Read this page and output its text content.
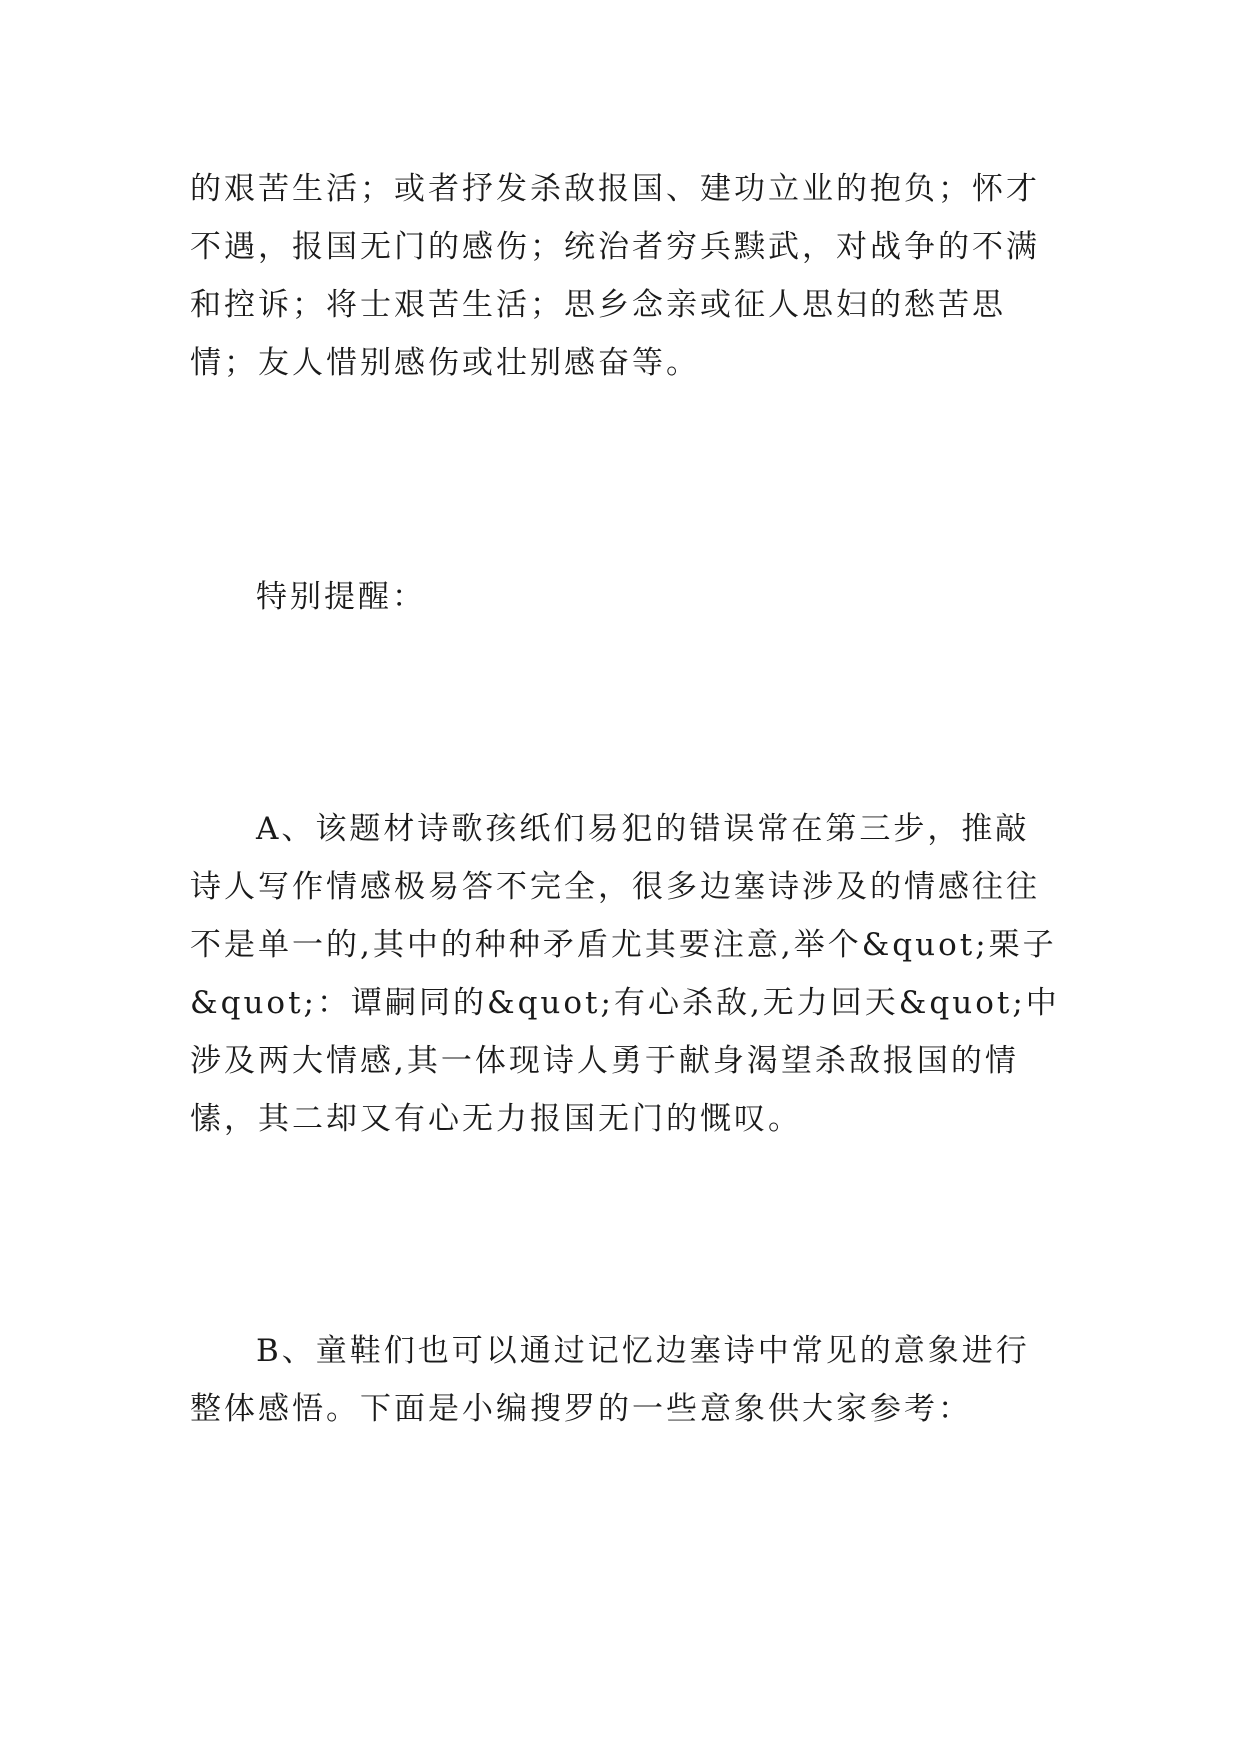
的艰苦生活；或者抒发杀敌报国、建功立业的抱负；怀才不遇，报国无门的感伤；统治者穷兵黩武，对战争的不满和控诉；将士艰苦生活；思乡念亲或征人思妇的愁苦思情；友人惜别感伤或壮别感奋等。

特别提醒：

A、该题材诗歌孩纸们易犯的错误常在第三步，推敲诗人写作情感极易答不完全，很多边塞诗涉及的情感往往不是单一的,其中的种种矛盾尤其要注意,举个&quot;栗子&quot;：谭嗣同的&quot;有心杀敌,无力回天&quot;中涉及两大情感,其一体现诗人勇于献身渴望杀敌报国的情愫，其二却又有心无力报国无门的慨叹。

B、童鞋们也可以通过记忆边塞诗中常见的意象进行整体感悟。下面是小编搜罗的一些意象供大家参考：
